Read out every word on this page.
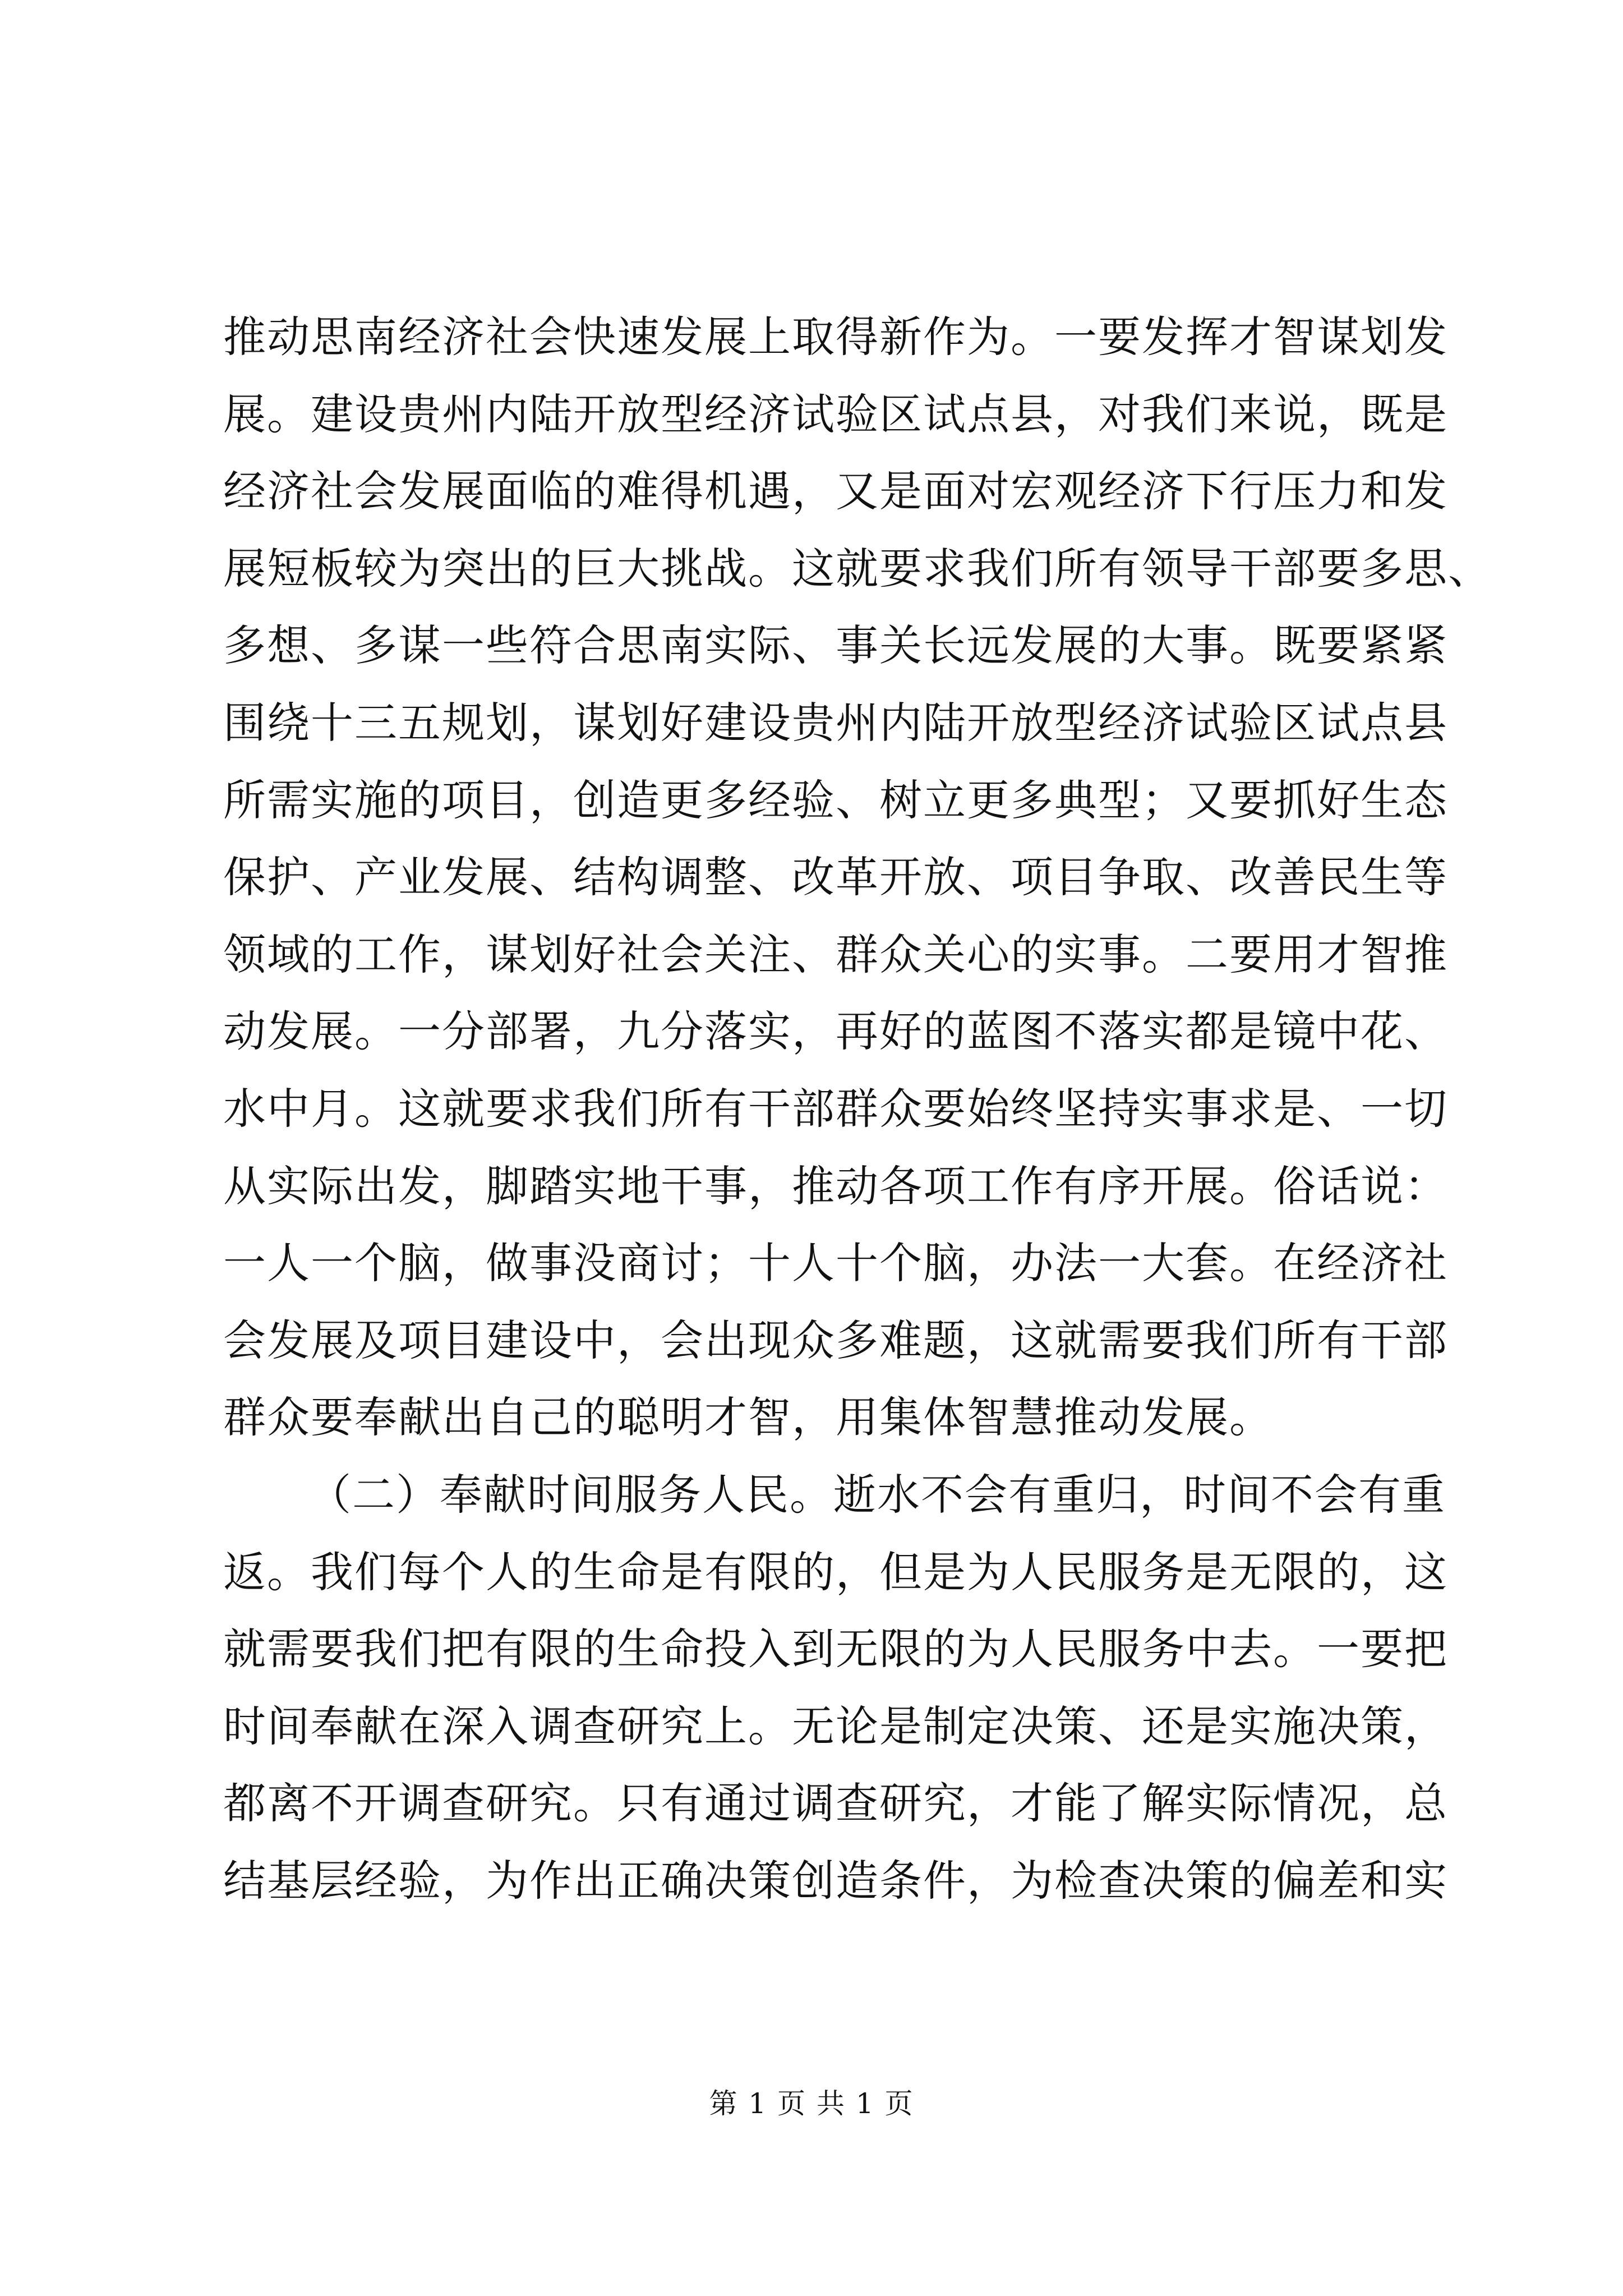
推动思南经济社会快速发展上取得新作为。一要发挥才智谋划发
展。建设贵州内陆开放型经济试验区试点县，对我们来说，既是
经济社会发展面临的难得机遇，又是面对宏观经济下行压力和发
展短板较为突出的巨大挑战。这就要求我们所有领导干部要多思、
多想、多谋一些符合思南实际、事关长远发展的大事。既要紧紧
围绕十三五规划，谋划好建设贵州内陆开放型经济试验区试点县
所需实施的项目，创造更多经验、树立更多典型；又要抓好生态
保护、产业发展、结构调整、改革开放、项目争取、改善民生等
领域的工作，谋划好社会关注、群众关心的实事。二要用才智推
动发展。一分部署，九分落实，再好的蓝图不落实都是镜中花、
水中月。这就要求我们所有干部群众要始终坚持实事求是、一切
从实际出发，脚踏实地干事，推动各项工作有序开展。俗话说：
一人一个脑，做事没商讨；十人十个脑，办法一大套。在经济社
会发展及项目建设中，会出现众多难题，这就需要我们所有干部
群众要奉献出自己的聪明才智，用集体智慧推动发展。
（二）奉献时间服务人民。逝水不会有重归，时间不会有重
返。我们每个人的生命是有限的，但是为人民服务是无限的，这
就需要我们把有限的生命投入到无限的为人民服务中去。一要把
时间奉献在深入调查研究上。无论是制定决策、还是实施决策，
都离不开调查研究。只有通过调查研究，才能了解实际情况，总
结基层经验，为作出正确决策创造条件，为检查决策的偏差和实
第 1 页 共 1 页
